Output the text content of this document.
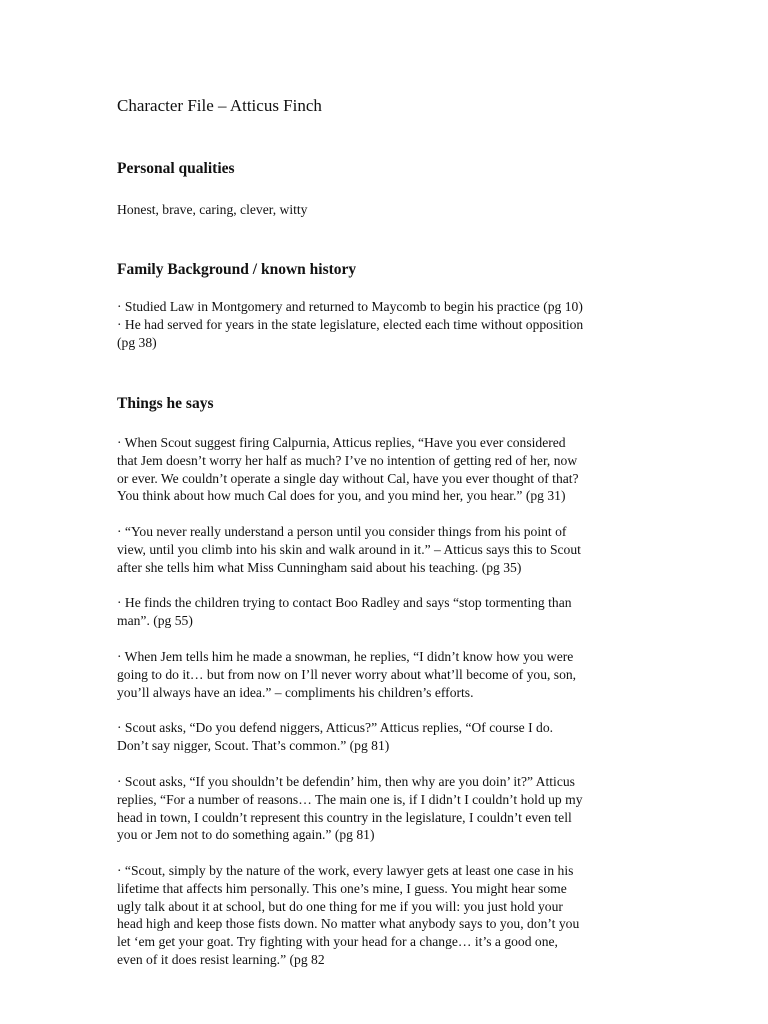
Character File – Atticus Finch
Personal qualities

Honest, brave, caring, clever, witty

Family Background / known history

· Studied Law in Montgomery and returned to Maycomb to begin his practice (pg 10)
· He had served for years in the state legislature, elected each time without opposition
(pg 38)

Things he says

· When Scout suggest firing Calpurnia, Atticus replies, “Have you ever considered
that Jem doesn’t worry her half as much? I’ve no intention of getting red of her, now
or ever. We couldn’t operate a single day without Cal, have you ever thought of that?
You think about how much Cal does for you, and you mind her, you hear.” (pg 31)

· “You never really understand a person until you consider things from his point of
view, until you climb into his skin and walk around in it.” – Atticus says this to Scout
after she tells him what Miss Cunningham said about his teaching. (pg 35)

· He finds the children trying to contact Boo Radley and says “stop tormenting than
man”. (pg 55)

· When Jem tells him he made a snowman, he replies, “I didn’t know how you were
going to do it… but from now on I’ll never worry about what’ll become of you, son,
you’ll always have an idea.” – compliments his children’s efforts.

· Scout asks, “Do you defend niggers, Atticus?” Atticus replies, “Of course I do.
Don’t say nigger, Scout. That’s common.” (pg 81)

· Scout asks, “If you shouldn’t be defendin’ him, then why are you doin’ it?” Atticus
replies, “For a number of reasons… The main one is, if I didn’t I couldn’t hold up my
head in town, I couldn’t represent this country in the legislature, I couldn’t even tell
you or Jem not to do something again.” (pg 81)

· “Scout, simply by the nature of the work, every lawyer gets at least one case in his
lifetime that affects him personally. This one’s mine, I guess. You might hear some
ugly talk about it at school, but do one thing for me if you will: you just hold your
head high and keep those fists down. No matter what anybody says to you, don’t you
let ‘em get your goat. Try fighting with your head for a change… it’s a good one,
even of it does resist learning.” (pg 82
